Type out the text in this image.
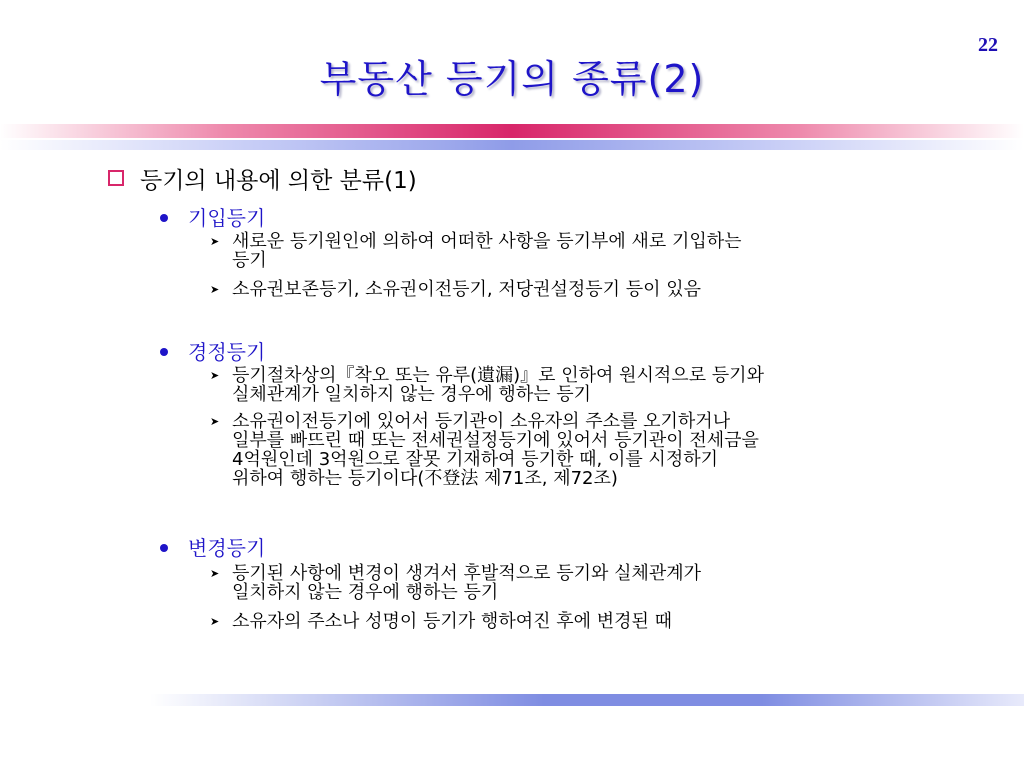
22
부동산 등기의 종류(2)
등기의 내용에 의한 분류(1)
기입등기
➤ 새로운 등기원인에 의하여 어떠한 사항을 등기부에 새로 기입하는
등기
➤ 소유권보존등기, 소유권이전등기, 저당권설정등기 등이 있음
경정등기
➤ 등기절차상의『착오 또는 유루(遺漏)』로 인하여 원시적으로 등기와
실체관계가 일치하지 않는 경우에 행하는 등기
➤ 소유권이전등기에 있어서 등기관이 소유자의 주소를 오기하거나
일부를 빠뜨린 때 또는 전세권설정등기에 있어서 등기관이 전세금을
4억원인데 3억원으로 잘못 기재하여 등기한 때, 이를 시정하기
위하여 행하는 등기이다(不登法 제71조, 제72조)
변경등기
➤ 등기된 사항에 변경이 생겨서 후발적으로 등기와 실체관계가
일치하지 않는 경우에 행하는 등기
➤ 소유자의 주소나 성명이 등기가 행하여진 후에 변경된 때
